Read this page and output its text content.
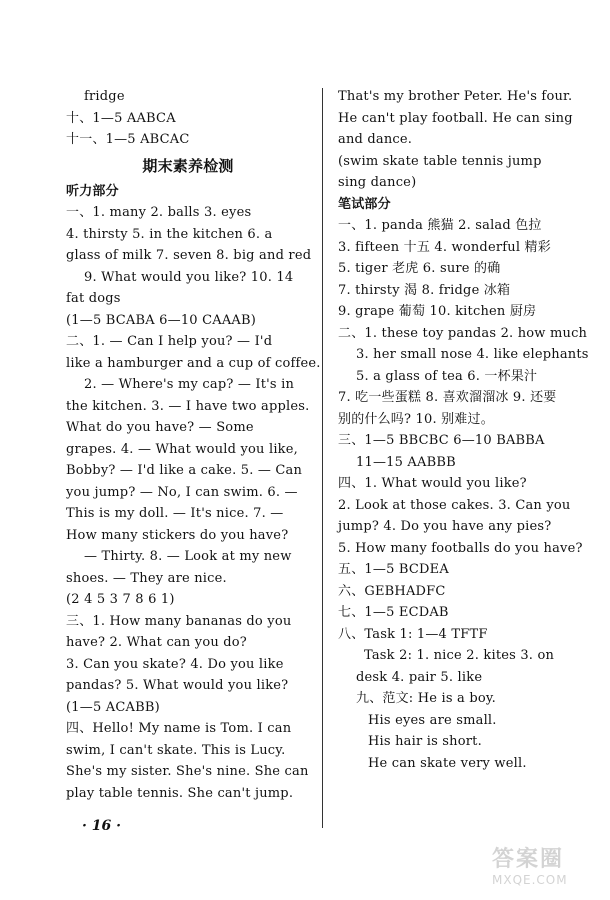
fridge
十、1—5 AABCA
十一、1—5 ABCAC
期末素养检测
听力部分
一、1. many 2. balls 3. eyes
4. thirsty 5. in the kitchen 6. a
glass of milk 7. seven 8. big and red
9. What would you like? 10. 14
fat dogs
(1—5 BCABA 6—10 CAAAB)
二、1. — Can I help you? — I'd
like a hamburger and a cup of coffee.
2. — Where's my cap? — It's in
the kitchen. 3. — I have two apples.
What do you have? — Some
grapes. 4. — What would you like,
Bobby? — I'd like a cake. 5. — Can
you jump? — No, I can swim. 6. —
This is my doll. — It's nice. 7. —
How many stickers do you have?
— Thirty. 8. — Look at my new
shoes. — They are nice.
(2 4 5 3 7 8 6 1)
三、1. How many bananas do you
have? 2. What can you do?
3. Can you skate? 4. Do you like
pandas? 5. What would you like?
(1—5 ACABB)
四、Hello! My name is Tom. I can
swim, I can't skate. This is Lucy.
She's my sister. She's nine. She can
play table tennis. She can't jump.
That's my brother Peter. He's four.
He can't play football. He can sing
and dance.
(swim skate table tennis jump
sing dance)
笔试部分
一、1. panda 熊猫 2. salad 色拉
3. fifteen 十五 4. wonderful 精彩
5. tiger 老虎 6. sure 的确
7. thirsty 渴 8. fridge 冰箱
9. grape 葡萄 10. kitchen 厨房
二、1. these toy pandas 2. how much
3. her small nose 4. like elephants
5. a glass of tea 6. 一杯果汁
7. 吃一些蛋糕 8. 喜欢溜溜冰 9. 还要
别的什么吗? 10. 别难过。
三、1—5 BBCBC 6—10 BABBA
11—15 AABBB
四、1. What would you like?
2. Look at those cakes. 3. Can you
jump? 4. Do you have any pies?
5. How many footballs do you have?
五、1—5 BCDEA
六、GEBHADFC
七、1—5 ECDAB
八、Task 1: 1—4 TFTF
Task 2: 1. nice 2. kites 3. on
desk 4. pair 5. like
九、范文: He is a boy.
His eyes are small.
His hair is short.
He can skate very well.
· 16 ·
答案圈
MXQE.COM
